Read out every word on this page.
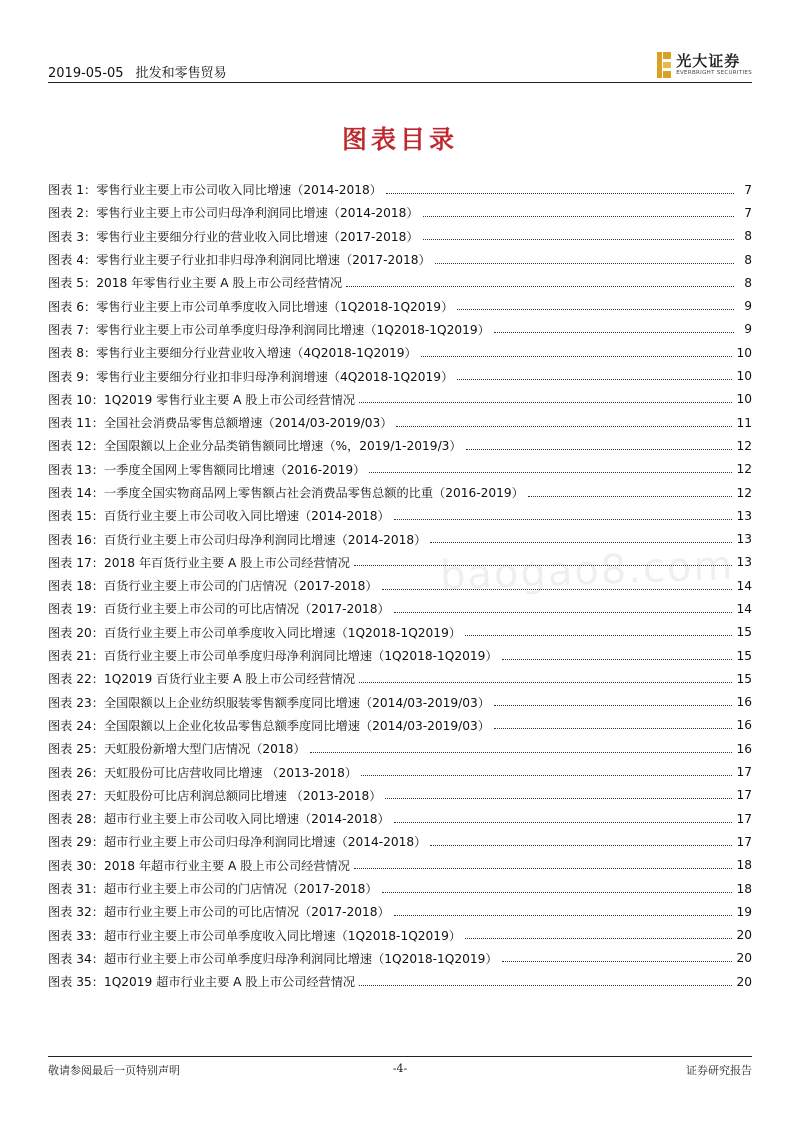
2019-05-05 批发和零售贸易
光大证券
EVERBRIGHT SECURITIES
图表目录
baogao8.com
图表 1：零售行业主要上市公司收入同比增速（2014-2018）	7
图表 2：零售行业主要上市公司归母净利润同比增速（2014-2018）	7
图表 3：零售行业主要细分行业的营业收入同比增速（2017-2018）	8
图表 4：零售行业主要子行业扣非归母净利润同比增速（2017-2018）	8
图表 5：2018 年零售行业主要 A 股上市公司经营情况	8
图表 6：零售行业主要上市公司单季度收入同比增速（1Q2018-1Q2019）	9
图表 7：零售行业主要上市公司单季度归母净利润同比增速（1Q2018-1Q2019）	9
图表 8：零售行业主要细分行业营业收入增速（4Q2018-1Q2019）	10
图表 9：零售行业主要细分行业扣非归母净利润增速（4Q2018-1Q2019）	10
图表 10：1Q2019 零售行业主要 A 股上市公司经营情况	10
图表 11：全国社会消费品零售总额增速（2014/03-2019/03）	11
图表 12：全国限额以上企业分品类销售额同比增速（%，2019/1-2019/3）	12
图表 13：一季度全国网上零售额同比增速（2016-2019）	12
图表 14：一季度全国实物商品网上零售额占社会消费品零售总额的比重（2016-2019）	12
图表 15：百货行业主要上市公司收入同比增速（2014-2018）	13
图表 16：百货行业主要上市公司归母净利润同比增速（2014-2018）	13
图表 17：2018 年百货行业主要 A 股上市公司经营情况	13
图表 18：百货行业主要上市公司的门店情况（2017-2018）	14
图表 19：百货行业主要上市公司的可比店情况（2017-2018）	14
图表 20：百货行业主要上市公司单季度收入同比增速（1Q2018-1Q2019）	15
图表 21：百货行业主要上市公司单季度归母净利润同比增速（1Q2018-1Q2019）	15
图表 22：1Q2019 百货行业主要 A 股上市公司经营情况	15
图表 23：全国限额以上企业纺织服装零售额季度同比增速（2014/03-2019/03）	16
图表 24：全国限额以上企业化妆品零售总额季度同比增速（2014/03-2019/03）	16
图表 25：天虹股份新增大型门店情况（2018）	16
图表 26：天虹股份可比店营收同比增速 （2013-2018）	17
图表 27：天虹股份可比店利润总额同比增速 （2013-2018）	17
图表 28：超市行业主要上市公司收入同比增速（2014-2018）	17
图表 29：超市行业主要上市公司归母净利润同比增速（2014-2018）	17
图表 30：2018 年超市行业主要 A 股上市公司经营情况	18
图表 31：超市行业主要上市公司的门店情况（2017-2018）	18
图表 32：超市行业主要上市公司的可比店情况（2017-2018）	19
图表 33：超市行业主要上市公司单季度收入同比增速（1Q2018-1Q2019）	20
图表 34：超市行业主要上市公司单季度归母净利润同比增速（1Q2018-1Q2019）	20
图表 35：1Q2019 超市行业主要 A 股上市公司经营情况	20
敬请参阅最后一页特别声明	-4-	证券研究报告
